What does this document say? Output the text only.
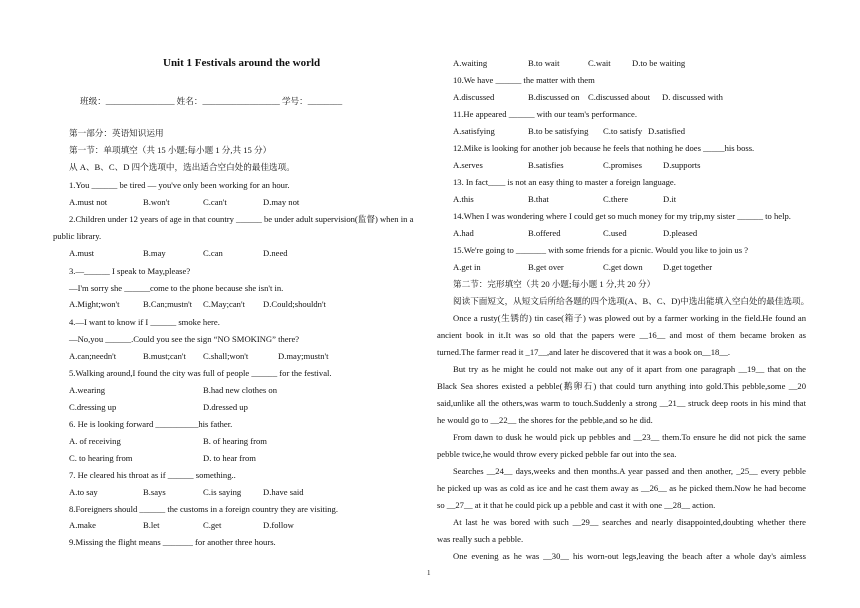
Unit 1 Festivals around the world
班级：________________ 姓名：__________________ 学号：________
第一部分：英语知识运用
第一节：单项填空（共 15 小题;每小题 1 分,共 15 分）
从 A、B、C、D 四个选项中，选出适合空白处的最佳选项。
1.You ______ be tired — you've only been working for an hour.
A.must not	B.won't	C.can't	D.may not
2.Children under 12 years of age in that country ______ be under adult supervision(监督) when in a
public library.
A.must	B.may	C.can	D.need
3.—______ I speak to May,please?
—I'm sorry she ______come to the phone because she isn't in.
A.Might;won't	B.Can;mustn't C.May;can't D.Could;shouldn't
4.—I want to know if I ______ smoke here.
—No,you ______.Could you see the sign “NO SMOKING” there?
A.can;needn't	B.must;can't C.shall;won't	D.may;mustn't
5.Walking around,I found the city was full of people ______ for the festival.
A.wearing	B.had new clothes on
C.dressing up	D.dressed up
6. He is looking forward __________his father.
A. of receiving	B. of hearing from
C. to hearing from	D. to hear from
7. He cleared his throat as if ______ something..
A.to say	B.says	C.is saying	D.have said
8.Foreigners should ______ the customs in a foreign country they are visiting.
A.make	B.let	C.get	D.follow
9.Missing the flight means _______ for another three hours.
A.waiting	B.to wait	C.wait D.to be waiting
10.We have ______ the matter with them
A.discussed	B.discussed on C.discussed about D. discussed with
11.He appeared ______ with our team's performance.
A.satisfying	B.to be satisfying C.to satisfy D.satisfied
12.Mike is looking for another job because he feels that nothing he does _____his boss.
A.serves	B.satisfies	C.promises D.supports
13. In fact____ is not an easy thing to master a foreign language.
A.this	B.that	C.there	D.it
14.When I was wondering where I could get so much money for my trip,my sister ______ to help.
A.had	B.offered	C.used	D.pleased
15.We're going to _______ with some friends for a picnic. Would you like to join us ?
A.get in	B.get over	C.get down D.get together
第二节：完形填空（共 20 小题;每小题 1 分,共 20 分）
阅读下面短文，从短文后所给各题的四个选项(A、B、C、D)中选出能填入空白处的最佳选项。
Once a rusty(生锈的) tin case(箱子) was plowed out by a farmer working in the field.He found an
ancient book in it.It was so old that the papers were __16__ and most of them became broken as
turned.The farmer read it _17__,and later he discovered that it was a book on__18__.
But try as he might he could not make out any of it apart from one paragraph __19__ that on the
Black Sea shores existed a pebble(鹅卵石) that could turn anything into gold.This pebble,some __20
said,unlike all the others,was warm to touch.Suddenly a strong __21__ struck deep roots in his mind that
he would go to __22__ the shores for the pebble,and so he did.
From dawn to dusk he would pick up pebbles and __23__ them.To ensure he did not pick the same
pebble twice,he would throw every picked pebble far out into the sea.
Searches __24__ days,weeks and then months.A year passed and then another, _25__ every pebble
he picked up was as cold as ice and he cast them away as __26__ as he picked them.Now he had become
so __27__ at it that he could pick up a pebble and cast it with one __28__ action.
At last he was bored with such __29__ searches and nearly disappointed,doubting whether there
was really such a pebble.
One evening as he was __30__ his worn-out legs,leaving the beach after a whole day's aimless
1
